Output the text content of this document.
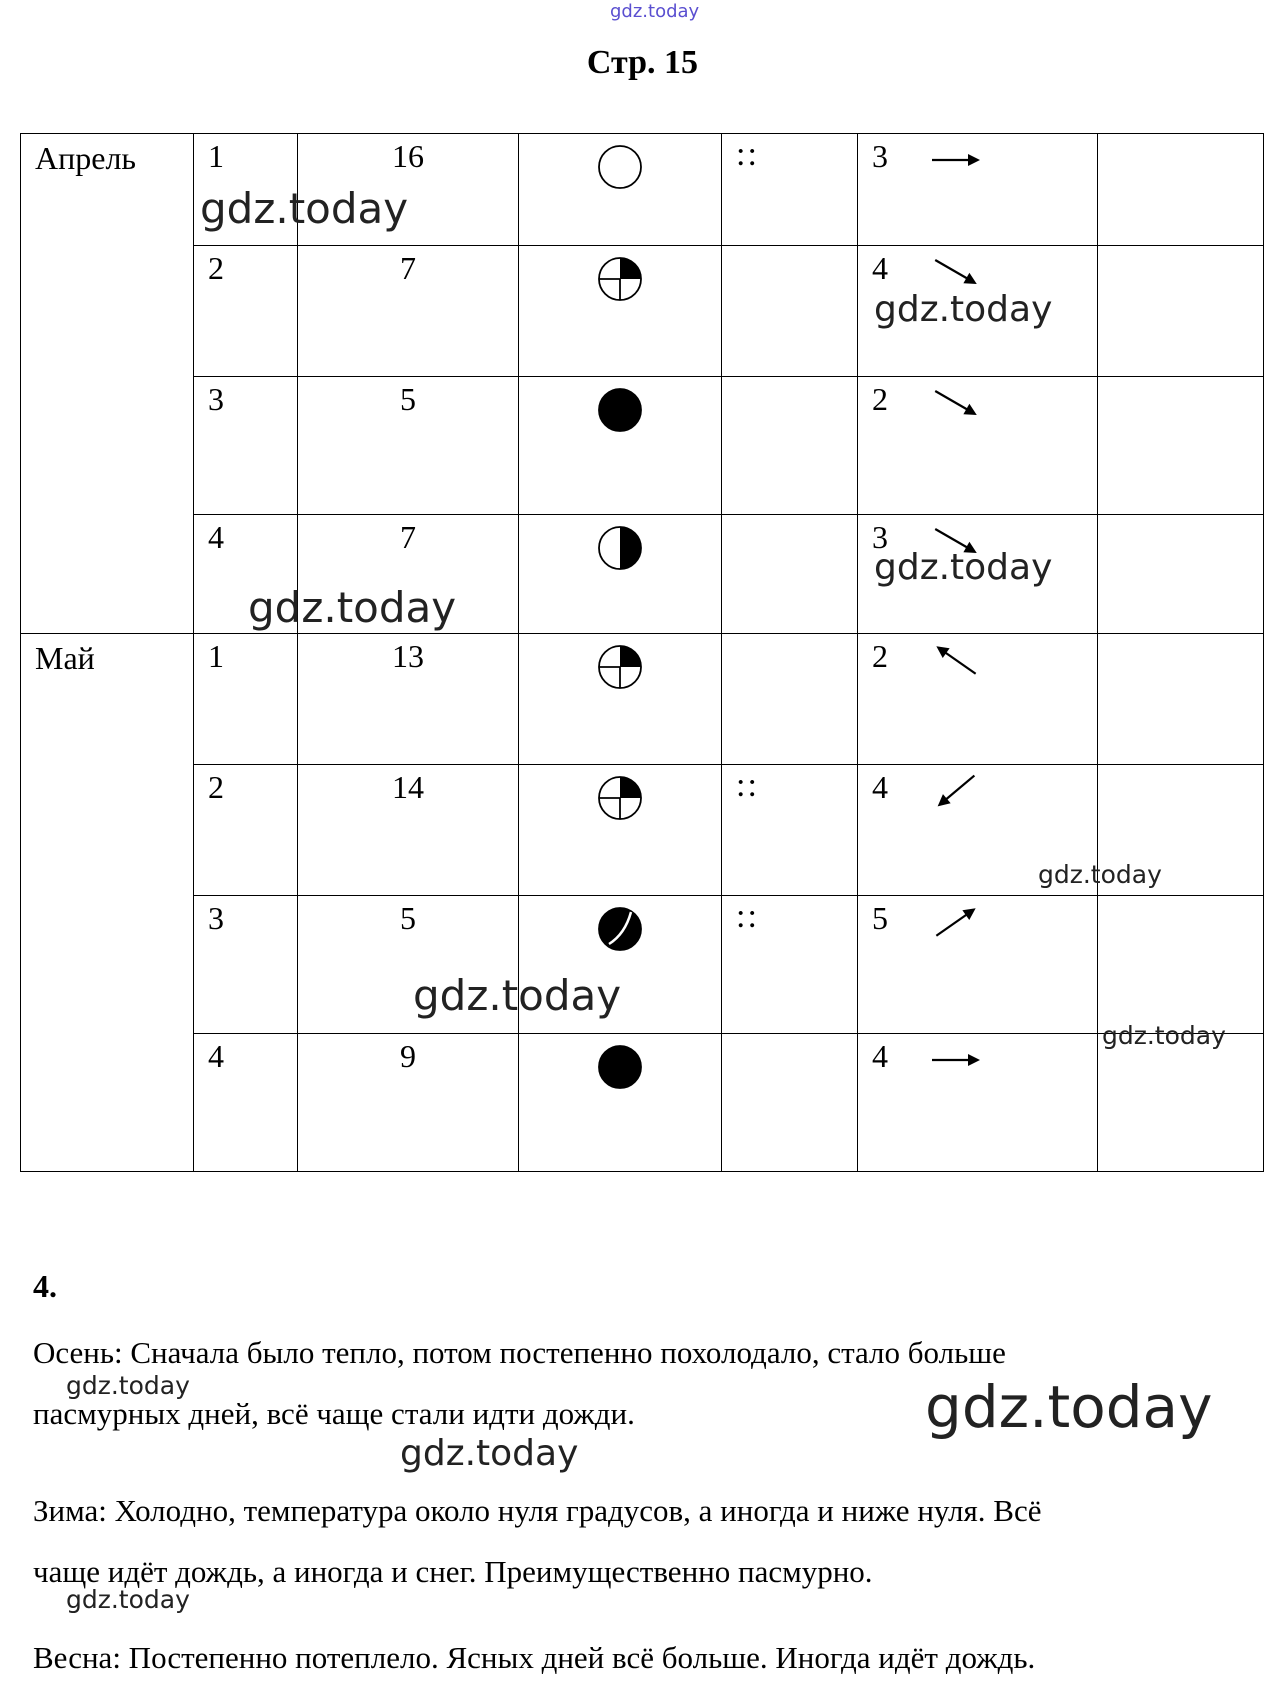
gdz.today
Стр. 15
Апрель	1	16		::	3	
	2	7			4	
	3	5			2	
	4	7			3	
Май	1	13			2	
	2	14		::	4	
	3	5		::	5	
	4	9			4	
4.
Осень: Сначала было тепло, потом постепенно похолодало, стало больше
пасмурных дней, всё чаще стали идти дожди.
Зима: Холодно, температура около нуля градусов, а иногда и ниже нуля. Всё
чаще идёт дождь, а иногда и снег. Преимущественно пасмурно.
Весна: Постепенно потеплело. Ясных дней всё больше. Иногда идёт дождь.
gdz.today
gdz.today
gdz.today
gdz.today
gdz.today
gdz.today
gdz.today
gdz.today	gdz.today
gdz.today
gdz.today
